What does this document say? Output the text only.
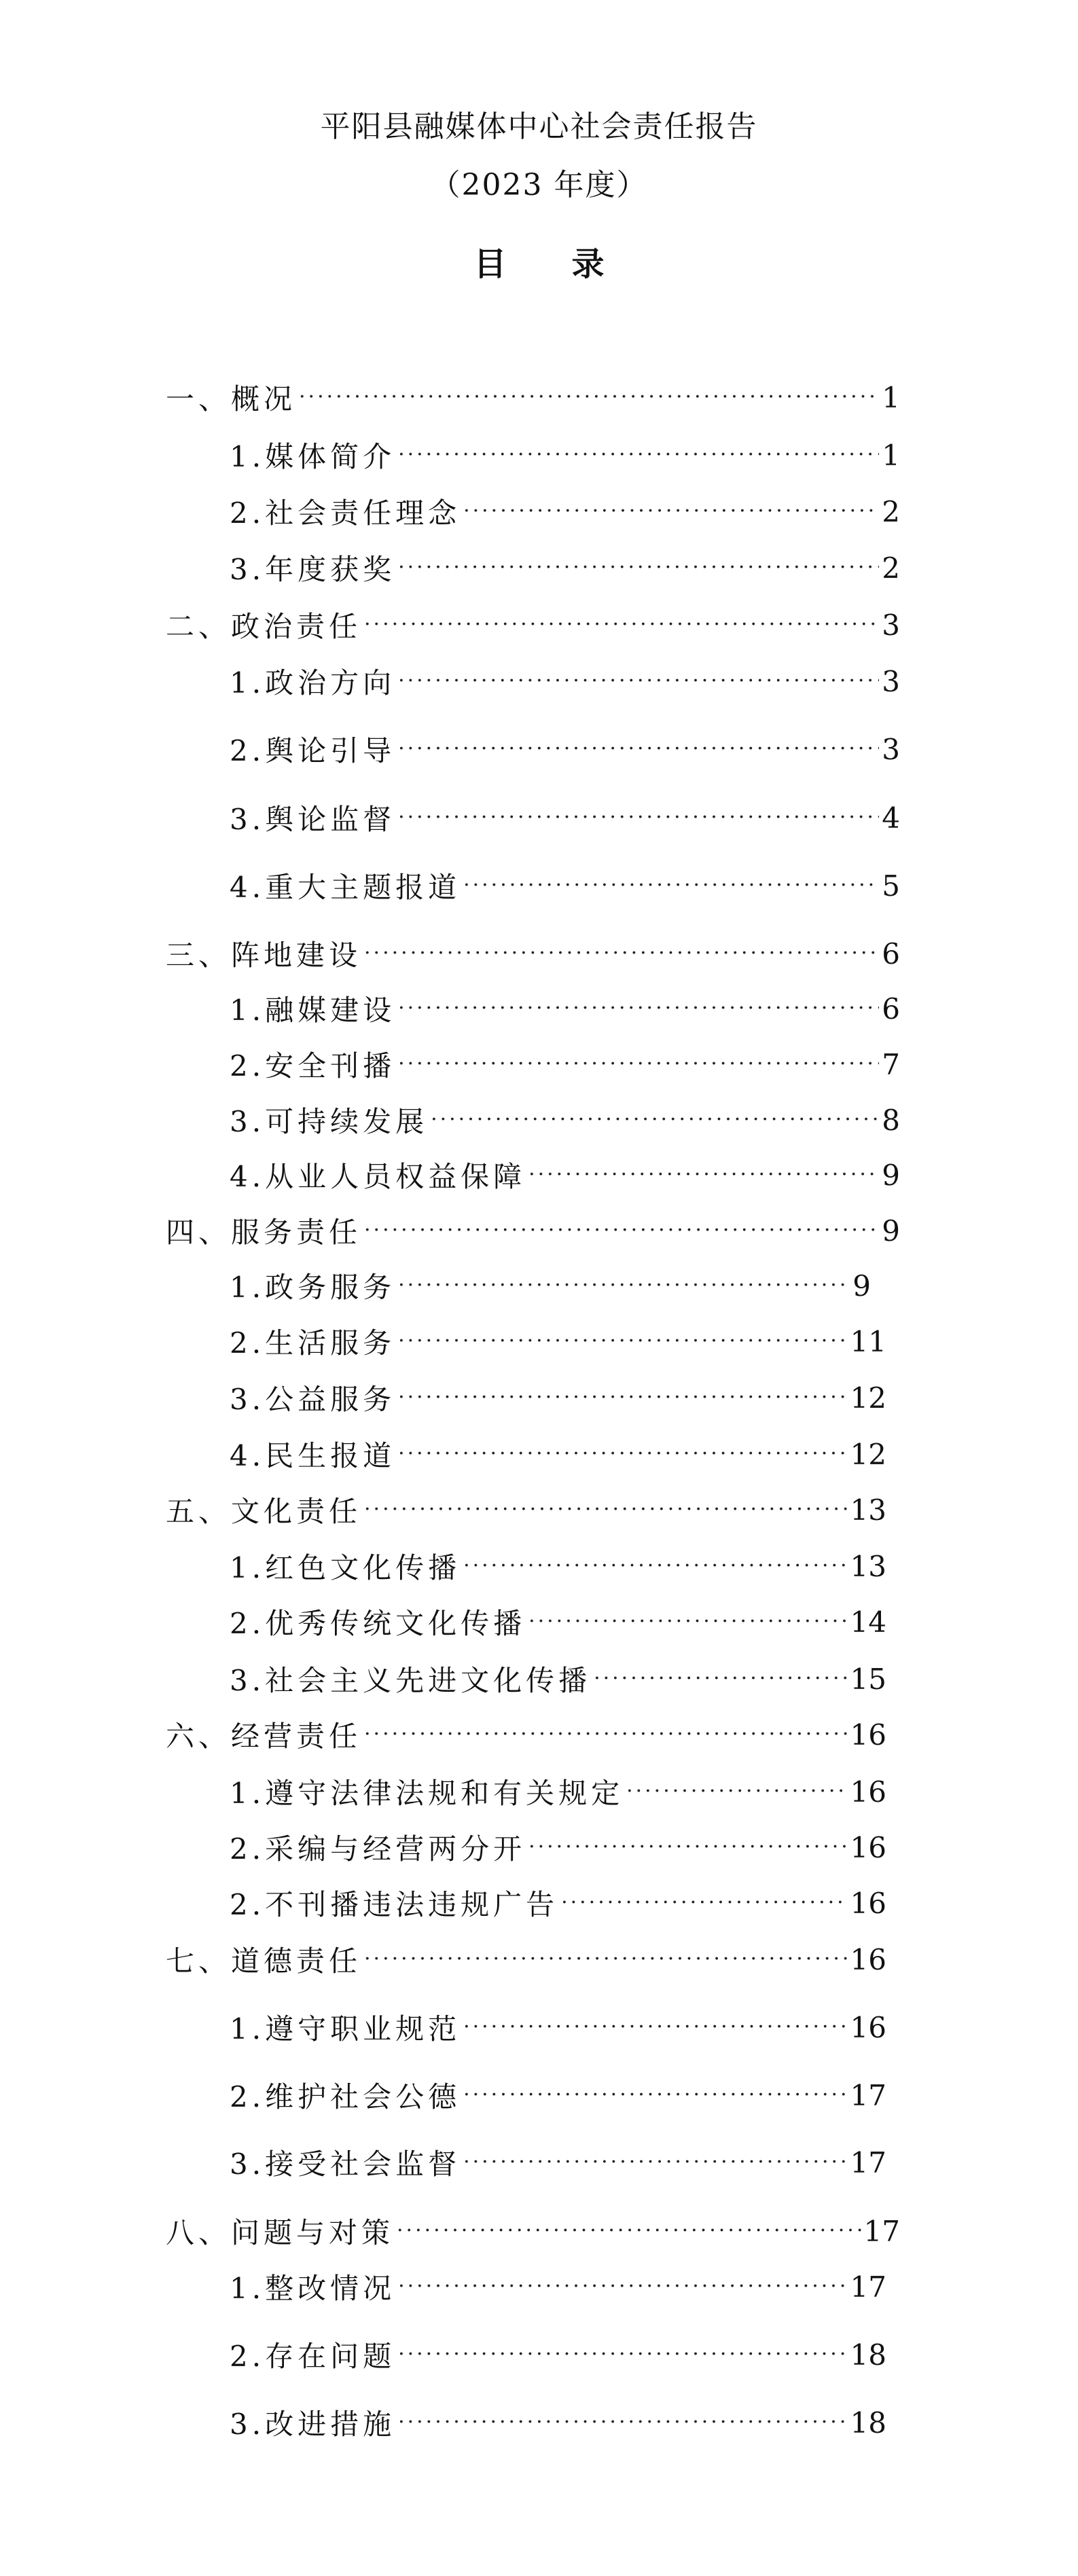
平阳县融媒体中心社会责任报告
（2023 年度）
目　　录
一、概况 ·····	1
1.媒体简介 ·····	1
2.社会责任理念 ·····	2
3.年度获奖 ·····	2
二、政治责任 ·····	3
1.政治方向 ·····	3
2.舆论引导 ·····	3
3.舆论监督 ·····	4
4.重大主题报道 ·····	5
三、阵地建设 ·····	6
1.融媒建设 ·····	6
2.安全刊播 ·····	7
3.可持续发展 ·····	8
4.从业人员权益保障 ·····	9
四、服务责任 ·····	9
1.政务服务 ·····	9
2.生活服务 ·····	11
3.公益服务 ·····	12
4.民生报道 ·····	12
五、文化责任 ·····	13
1.红色文化传播 ·····	13
2.优秀传统文化传播 ·····	14
3.社会主义先进文化传播 ·····	15
六、经营责任 ·····	16
1.遵守法律法规和有关规定 ·····	16
2.采编与经营两分开 ·····	16
2.不刊播违法违规广告 ·····	16
七、道德责任 ·····	16
1.遵守职业规范 ·····	16
2.维护社会公德 ·····	17
3.接受社会监督 ·····	17
八、问题与对策 ·····	17
1.整改情况 ·····	17
2.存在问题 ·····	18
3.改进措施 ·····	18
